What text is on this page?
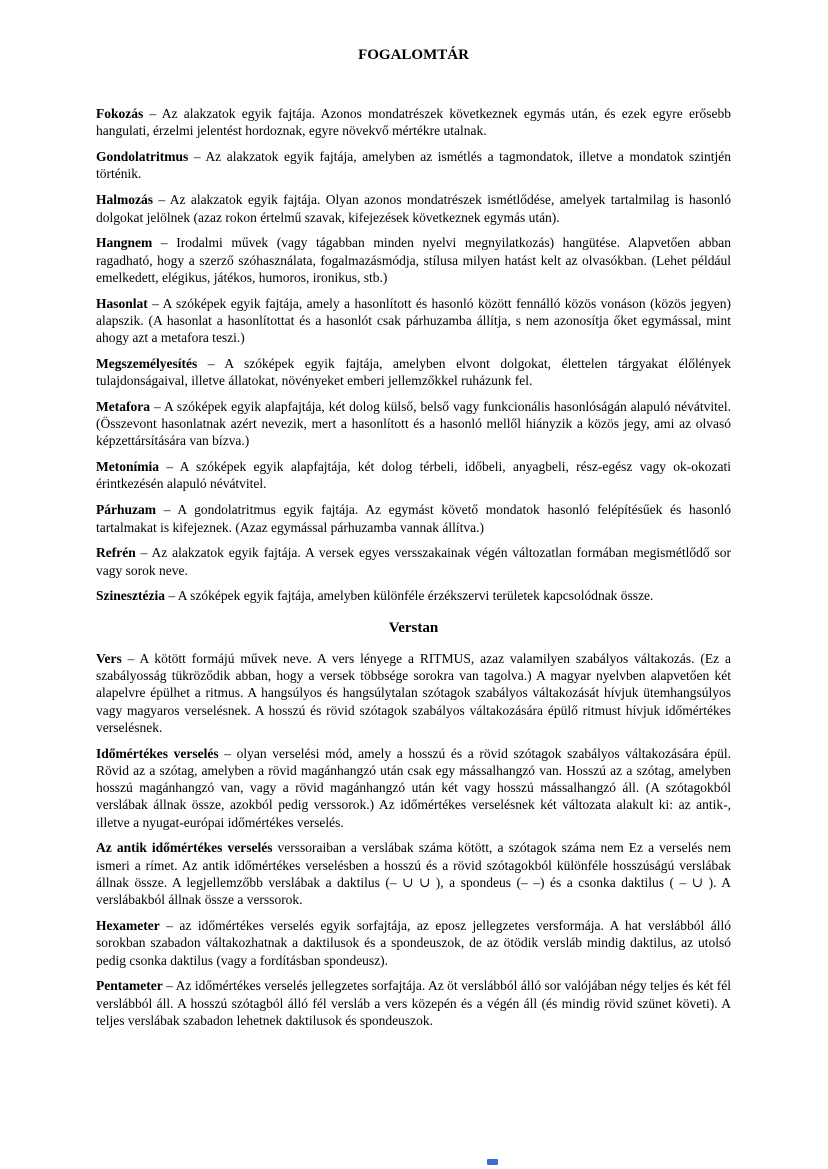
FOGALOMTÁR

Fokozás – Az alakzatok egyik fajtája. Azonos mondatrészek következnek egymás után, és ezek egyre erősebb hangulati, érzelmi jelentést hordoznak, egyre növekvő mértékre utalnak.

Gondolatritmus – Az alakzatok egyik fajtája, amelyben az ismétlés a tagmondatok, illetve a mondatok szintjén történik.

Halmozás – Az alakzatok egyik fajtája. Olyan azonos mondatrészek ismétlődése, amelyek tartalmilag is hasonló dolgokat jelölnek (azaz rokon értelmű szavak, kifejezések következnek egymás után).

Hangnem – Irodalmi művek (vagy tágabban minden nyelvi megnyilatkozás) hangütése. Alapvetően abban ragadható, hogy a szerző szóhasználata, fogalmazásmódja, stílusa milyen hatást kelt az olvasókban. (Lehet például emelkedett, elégikus, játékos, humoros, ironikus, stb.)

Hasonlat – A szóképek egyik fajtája, amely a hasonlított és hasonló között fennálló közös vonáson (közös jegyen) alapszik. (A hasonlat a hasonlítottat és a hasonlót csak párhuzamba állítja, s nem azonosítja őket egymással, mint ahogy azt a metafora teszi.)

Megszemélyesítés – A szóképek egyik fajtája, amelyben elvont dolgokat, élettelen tárgyakat élőlények tulajdonságaival, illetve állatokat, növényeket emberi jellemzőkkel ruházunk fel.

Metafora – A szóképek egyik alapfajtája, két dolog külső, belső vagy funkcionális hasonlóságán alapuló névátvitel. (Összevont hasonlatnak azért nevezik, mert a hasonlított és a hasonló mellől hiányzik a közös jegy, ami az olvasó képzettársítására van bízva.)

Metonímia – A szóképek egyik alapfajtája, két dolog térbeli, időbeli, anyagbeli, rész-egész vagy ok-okozati érintkezésén alapuló névátvitel.

Párhuzam – A gondolatritmus egyik fajtája. Az egymást követő mondatok hasonló felépítésűek és hasonló tartalmakat is kifejeznek. (Azaz egymással párhuzamba vannak állítva.)

Refrén – Az alakzatok egyik fajtája. A versek egyes versszakainak végén változatlan formában megismétlődő sor vagy sorok neve.

Szinesztézia – A szóképek egyik fajtája, amelyben különféle érzékszervi területek kapcsolódnak össze.

Verstan

Vers – A kötött formájú művek neve. A vers lényege a RITMUS, azaz valamilyen szabályos váltakozás. (Ez a szabályosság tükröződik abban, hogy a versek többsége sorokra van tagolva.) A magyar nyelvben alapvetően két alapelvre épülhet a ritmus. A hangsúlyos és hangsúlytalan szótagok szabályos váltakozását hívjuk ütemhangsúlyos vagy magyaros verselésnek. A hosszú és rövid szótagok szabályos váltakozására épülő ritmust hívjuk időmértékes verselésnek.

Időmértékes verselés – olyan verselési mód, amely a hosszú és a rövid szótagok szabályos váltakozására épül. Rövid az a szótag, amelyben a rövid magánhangzó után csak egy mássalhangzó van. Hosszú az a szótag, amelyben hosszú magánhangzó van, vagy a rövid magánhangzó után két vagy hosszú mássalhangzó áll. (A szótagokból verslábak állnak össze, azokból pedig verssorok.) Az időmértékes verselésnek két változata alakult ki: az antik-, illetve a nyugat-európai időmértékes verselés.

Az antik időmértékes verselés verssoraiban a verslábak száma kötött, a szótagok száma nem Ez a verselés nem ismeri a rímet. Az antik időmértékes verselésben a hosszú és a rövid szótagokból különféle hosszúságú verslábak állnak össze. A legjellemzőbb verslábak a daktilus (– ∪ ∪ ), a spondeus (– –) és a csonka daktilus ( – ∪ ). A verslábakból állnak össze a verssorok.

Hexameter – az időmértékes verselés egyik sorfajtája, az eposz jellegzetes versformája. A hat verslábból álló sorokban szabadon váltakozhatnak a daktilusok és a spondeuszok, de az ötödik versláb mindig daktilus, az utolsó pedig csonka daktilus (vagy a fordításban spondeusz).

Pentameter – Az időmértékes verselés jellegzetes sorfajtája. Az öt verslábból álló sor valójában négy teljes és két fél verslábból áll. A hosszú szótagból álló fél versláb a vers közepén és a végén áll (és mindig rövid szünet követi). A teljes verslábak szabadon lehetnek daktilusok és spondeuszok.
